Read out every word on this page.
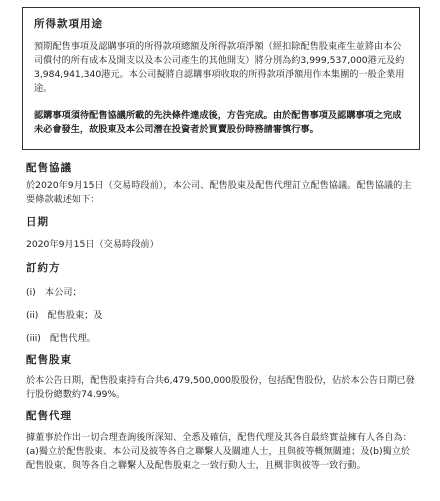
所得款項用途
預期配售事項及認購事項的所得款項總額及所得款項淨額（經扣除配售股東產生並將由本公司償付的所有成本及開支以及本公司產生的其他開支）將分別為約3,999,537,000港元及約3,984,941,340港元。本公司擬將自認購事項收取的所得款項淨額用作本集團的一般企業用途。
認購事項須待配售協議所載的先決條件達成後，方告完成。由於配售事項及認購事項之完成未必會發生，故股東及本公司潛在投資者於買賣股份時務請審慎行事。
配售協議
於2020年9月15日（交易時段前），本公司、配售股東及配售代理訂立配售協議。配售協議的主要條款載述如下：
日期
2020年9月15日（交易時段前）
訂約方
(i)　本公司；
(ii)　配售股東；及
(iii)　配售代理。
配售股東
於本公告日期，配售股東持有合共6,479,500,000股股份，包括配售股份，佔於本公告日期已發行股份總數約74.99%。
配售代理
據董事於作出一切合理查詢後所深知、全悉及確信，配售代理及其各自最終實益擁有人各自為：(a)獨立於配售股東、本公司及彼等各自之聯繫人及關連人士，且與彼等概無關連；及(b)獨立於配售股東、與等各自之聯繫人及配售股東之一致行動人士，且概非與彼等一致行動。
